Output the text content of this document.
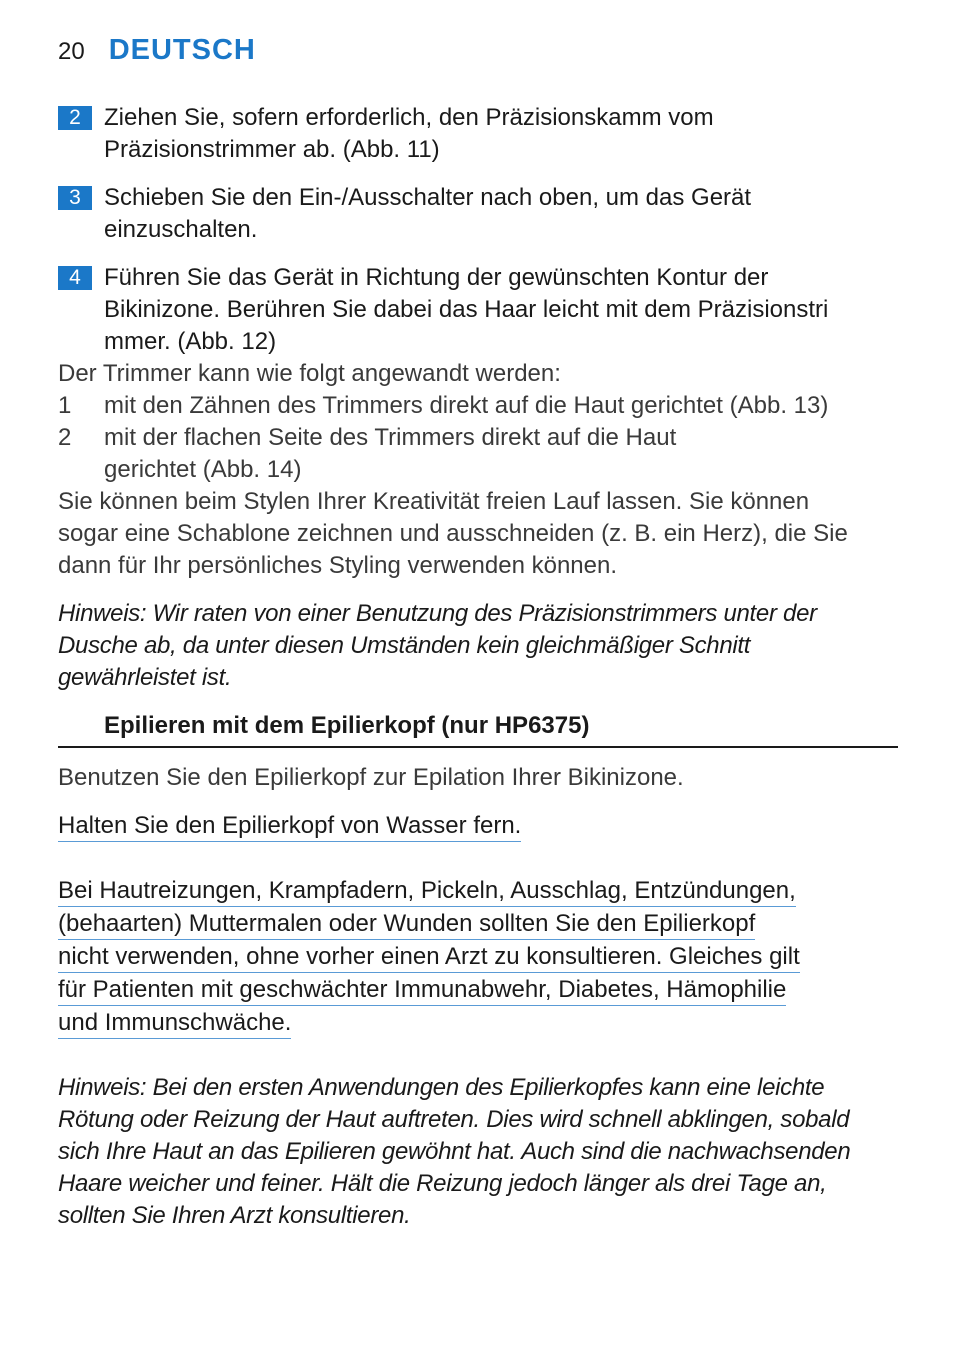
20 DEUTSCH
2 Ziehen Sie, sofern erforderlich, den Präzisionskamm vom
Präzisionstrimmer ab. (Abb. 11)
3 Schieben Sie den Ein-/Ausschalter nach oben, um das Gerät
einzuschalten.
4 Führen Sie das Gerät in Richtung der gewünschten Kontur der
Bikinizone. Berühren Sie dabei das Haar leicht mit dem Präzisionstri
mmer. (Abb. 12)

Der Trimmer kann wie folgt angewandt werden:

1 mit den Zähnen des Trimmers direkt auf die Haut gerichtet (Abb. 13)
2 mit der flachen Seite des Trimmers direkt auf die Haut
gerichtet (Abb. 14)
Sie können beim Stylen Ihrer Kreativität freien Lauf lassen. Sie können
sogar eine Schablone zeichnen und ausschneiden (z. B. ein Herz), die Sie
dann für Ihr persönliches Styling verwenden können.
Hinweis: Wir raten von einer Benutzung des Präzisionstrimmers unter der
Dusche ab, da unter diesen Umständen kein gleichmäßiger Schnitt
gewährleistet ist.
Epilieren mit dem Epilierkopf (nur HP6375)

Benutzen Sie den Epilierkopf zur Epilation Ihrer Bikinizone.

Halten Sie den Epilierkopf von Wasser fern.
Bei Hautreizungen, Krampfadern, Pickeln, Ausschlag, Entzündungen,
(behaarten) Muttermalen oder Wunden sollten Sie den Epilierkopf
nicht verwenden, ohne vorher einen Arzt zu konsultieren. Gleiches gilt
für Patienten mit geschwächter Immunabwehr, Diabetes, Hämophilie
und Immunschwäche.
Hinweis: Bei den ersten Anwendungen des Epilierkopfes kann eine leichte
Rötung oder Reizung der Haut auftreten. Dies wird schnell abklingen, sobald
sich Ihre Haut an das Epilieren gewöhnt hat. Auch sind die nachwachsenden
Haare weicher und feiner. Hält die Reizung jedoch länger als drei Tage an,
sollten Sie Ihren Arzt konsultieren.
